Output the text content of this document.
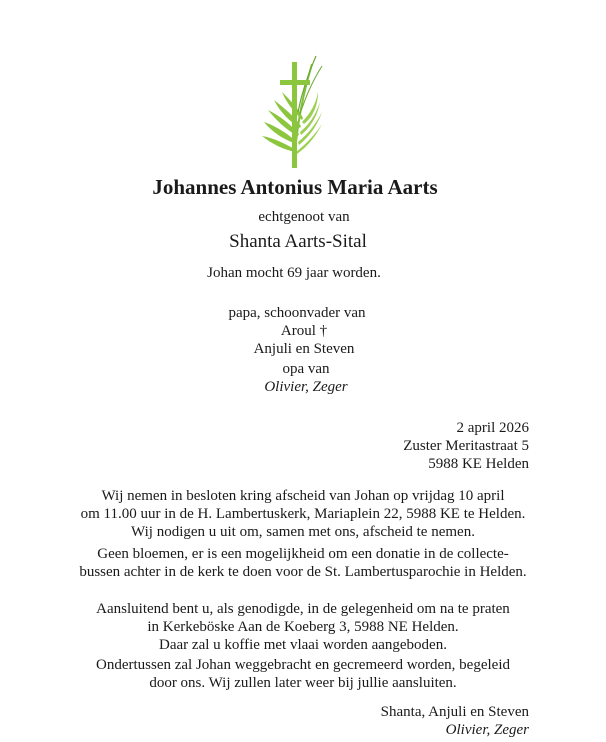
Johannes Antonius Maria Aarts
echtgenoot van
Shanta Aarts-Sital
Johan mocht 69 jaar worden.
papa, schoonvader van
Aroul †
Anjuli en Steven
opa van
Olivier, Zeger
2 april 2026
Zuster Meritastraat 5
5988 KE Helden
Wij nemen in besloten kring afscheid van Johan op vrijdag 10 april
om 11.00 uur in de H. Lambertuskerk, Mariaplein 22, 5988 KE te Helden.
Wij nodigen u uit om, samen met ons, afscheid te nemen.
Geen bloemen, er is een mogelijkheid om een donatie in de collecte-
bussen achter in de kerk te doen voor de St. Lambertusparochie in Helden.
Aansluitend bent u, als genodigde, in de gelegenheid om na te praten
in Kerkeböske Aan de Koeberg 3, 5988 NE Helden.
Daar zal u koffie met vlaai worden aangeboden.
Ondertussen zal Johan weggebracht en gecremeerd worden, begeleid
door ons. Wij zullen later weer bij jullie aansluiten.
Shanta, Anjuli en Steven
Olivier, Zeger
